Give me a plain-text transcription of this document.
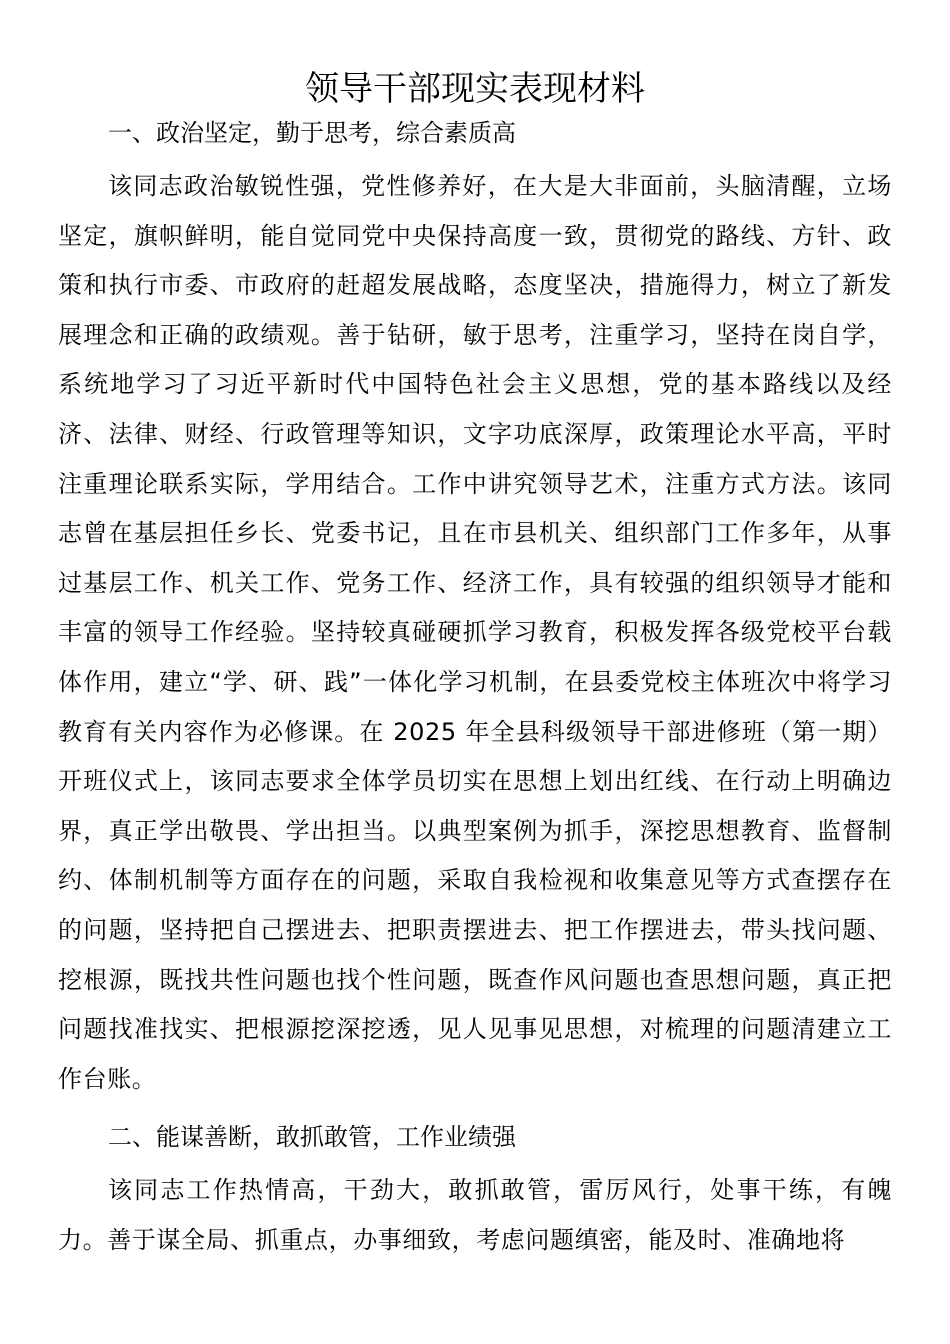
领导干部现实表现材料

一、政治坚定，勤于思考，综合素质高

该同志政治敏锐性强，党性修养好，在大是大非面前，头脑清醒，立场坚定，旗帜鲜明，能自觉同党中央保持高度一致，贯彻党的路线、方针、政策和执行市委、市政府的赶超发展战略，态度坚决，措施得力，树立了新发展理念和正确的政绩观。善于钻研，敏于思考，注重学习，坚持在岗自学，系统地学习了习近平新时代中国特色社会主义思想，党的基本路线以及经济、法律、财经、行政管理等知识，文字功底深厚，政策理论水平高，平时注重理论联系实际，学用结合。工作中讲究领导艺术，注重方式方法。该同志曾在基层担任乡长、党委书记，且在市县机关、组织部门工作多年，从事过基层工作、机关工作、党务工作、经济工作，具有较强的组织领导才能和丰富的领导工作经验。坚持较真碰硬抓学习教育，积极发挥各级党校平台载体作用，建立“学、研、践”一体化学习机制，在县委党校主体班次中将学习教育有关内容作为必修课。在 2025 年全县科级领导干部进修班（第一期）开班仪式上，该同志要求全体学员切实在思想上划出红线、在行动上明确边界，真正学出敬畏、学出担当。以典型案例为抓手，深挖思想教育、监督制约、体制机制等方面存在的问题，采取自我检视和收集意见等方式查摆存在的问题，坚持把自己摆进去、把职责摆进去、把工作摆进去，带头找问题、挖根源，既找共性问题也找个性问题，既查作风问题也查思想问题，真正把问题找准找实、把根源挖深挖透，见人见事见思想，对梳理的问题清建立工作台账。

二、能谋善断，敢抓敢管，工作业绩强

该同志工作热情高，干劲大，敢抓敢管，雷厉风行，处事干练，有魄力。善于谋全局、抓重点，办事细致，考虑问题缜密，能及时、准确地将
